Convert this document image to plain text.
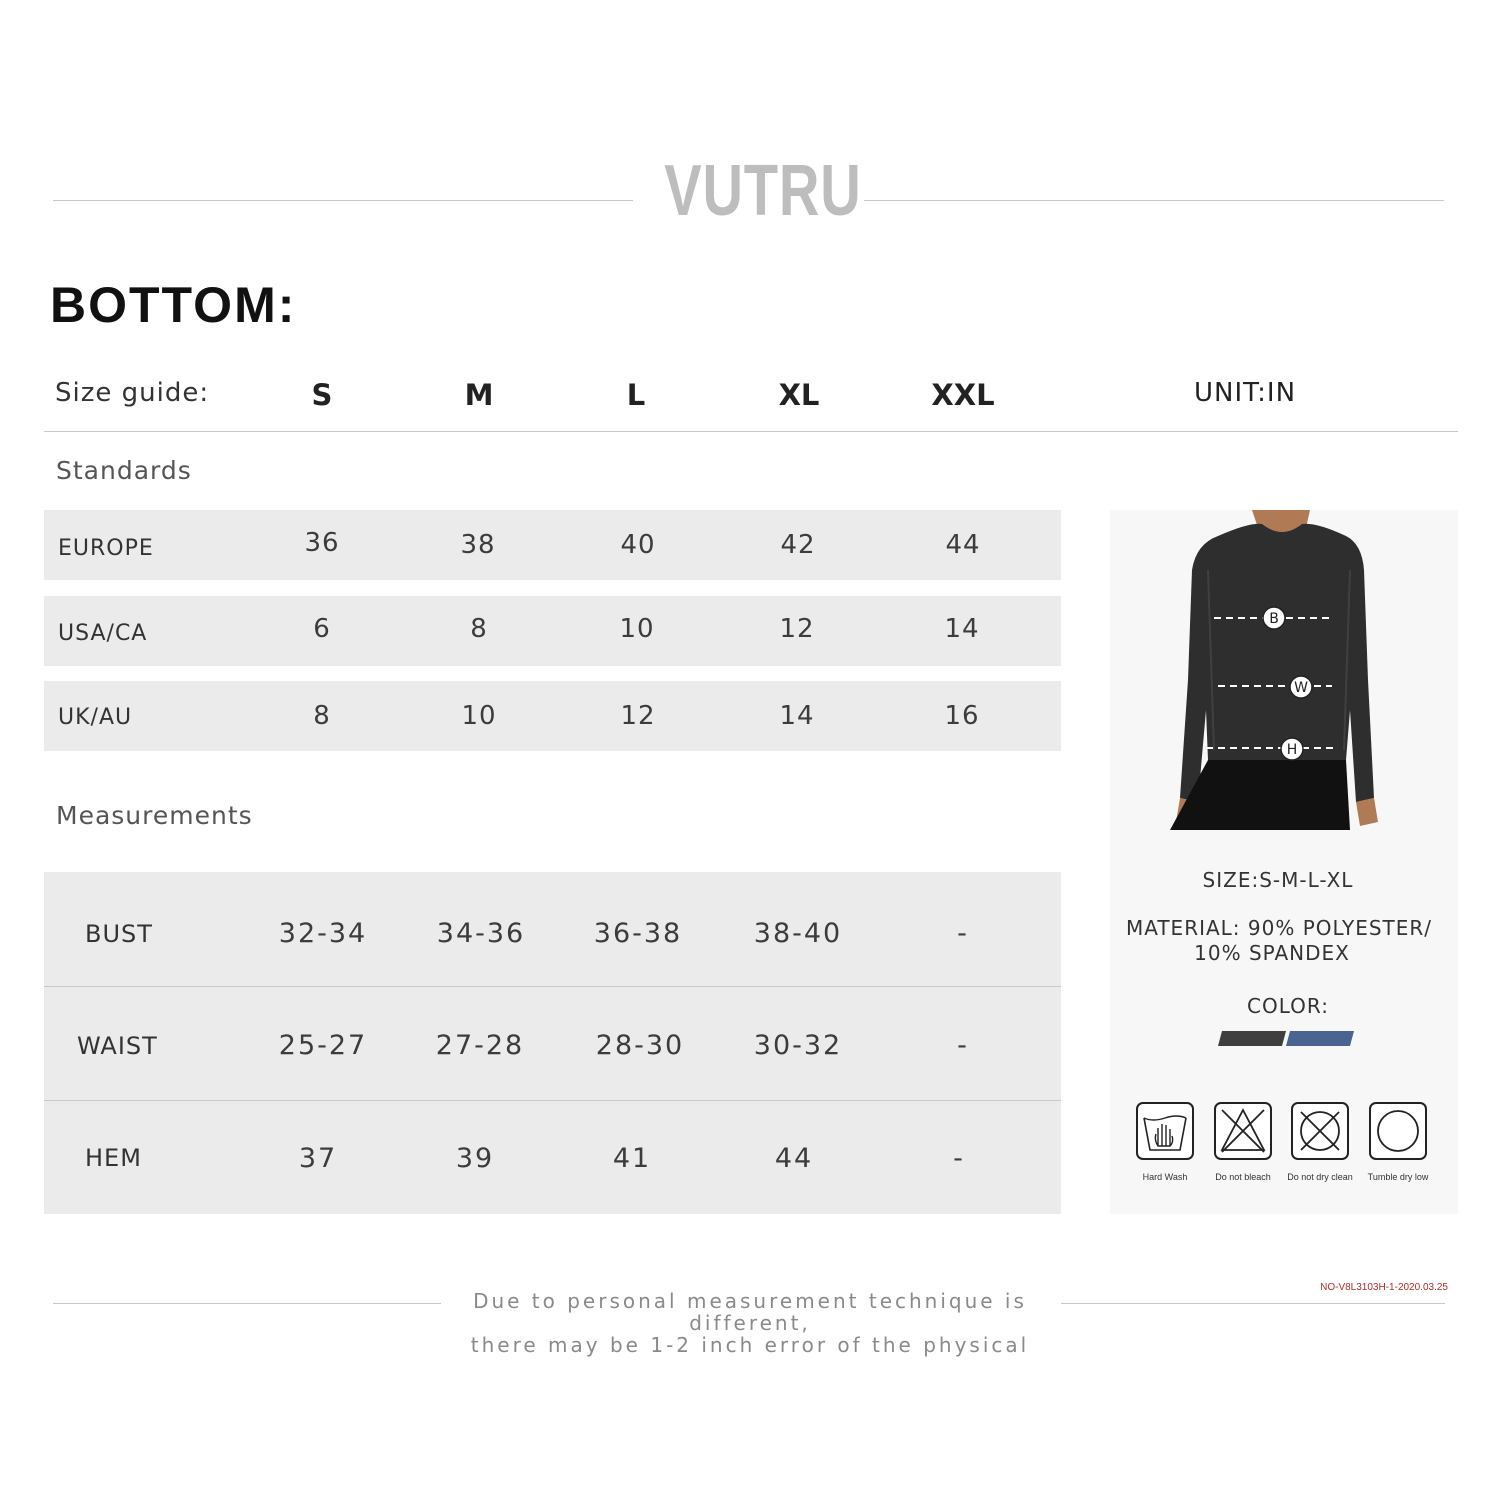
VUTRU
BOTTOM:
Size guide:	S	M	L	XL	XXL	UNIT:IN
Standards
EUROPE	36	38	40	42	44
USA/CA	6	8	10	12	14
UK/AU	8	10	12	14	16
Measurements
BUST	32-34	34-36	36-38	38-40	-
WAIST	25-27	27-28	28-30	30-32	-
HEM	37	39	41	44	-
B
W
H
SIZE:S-M-L-XL
MATERIAL: 90% POLYESTER/
10% SPANDEX
COLOR:
Hard Wash	Do not bleach	Do not dry clean	Tumble dry low
Due to personal measurement technique is different,
there may be 1-2 inch error of the physical
NO-V8L3103H-1-2020.03.25
